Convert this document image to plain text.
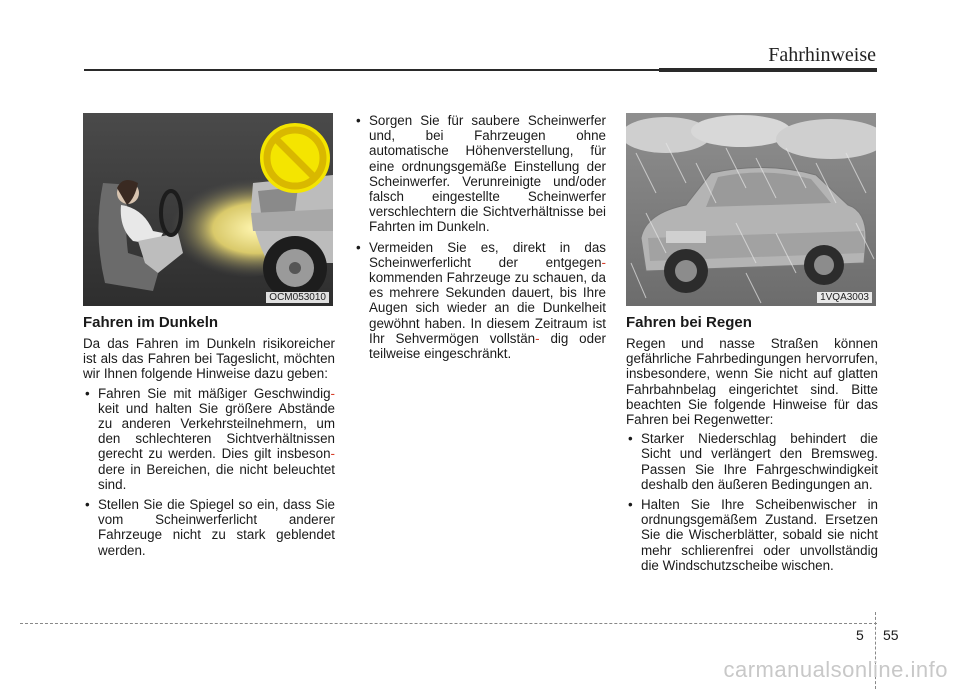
Fahrhinweise
OCM053010
Fahren im Dunkeln

Da das Fahren im Dunkeln risikoreicher ist als das Fahren bei Tageslicht, möchten wir Ihnen folgende Hinweise dazu geben:

• Fahren Sie mit mäßiger Geschwindig- keit und halten Sie größere Abstände zu anderen Verkehrsteilnehmern, um den schlechteren Sichtverhältnissen gerecht zu werden. Dies gilt insbeson- dere in Bereichen, die nicht beleuchtet sind.
• Stellen Sie die Spiegel so ein, dass Sie vom Scheinwerferlicht anderer Fahrzeuge nicht zu stark geblendet werden.
• Sorgen Sie für saubere Scheinwerfer und, bei Fahrzeugen ohne automatische Höhenverstellung, für eine ordnungsgemäße Einstellung der Scheinwerfer. Verunreinigte und/oder falsch eingestellte Scheinwerfer verschlechtern die Sichtverhältnisse bei Fahrten im Dunkeln.
• Vermeiden Sie es, direkt in das Scheinwerferlicht der entgegen- kommenden Fahrzeuge zu schauen, da es mehrere Sekunden dauert, bis Ihre Augen sich wieder an die Dunkelheit gewöhnt haben. In diesem Zeitraum ist Ihr Sehvermögen vollstän- dig oder teilweise eingeschränkt.
1VQA3003
Fahren bei Regen

Regen und nasse Straßen können gefährliche Fahrbedingungen hervorrufen, insbesondere, wenn Sie nicht auf glatten Fahrbahnbelag eingerichtet sind. Bitte beachten Sie folgende Hinweise für das Fahren bei Regenwetter:

• Starker Niederschlag behindert die Sicht und verlängert den Bremsweg. Passen Sie Ihre Fahrgeschwindigkeit deshalb den äußeren Bedingungen an.
• Halten Sie Ihre Scheibenwischer in ordnungsgemäßem Zustand. Ersetzen Sie die Wischerblätter, sobald sie nicht mehr schlierenfrei oder unvollständig die Windschutzscheibe wischen.
5 55
carmanualsonline.info
